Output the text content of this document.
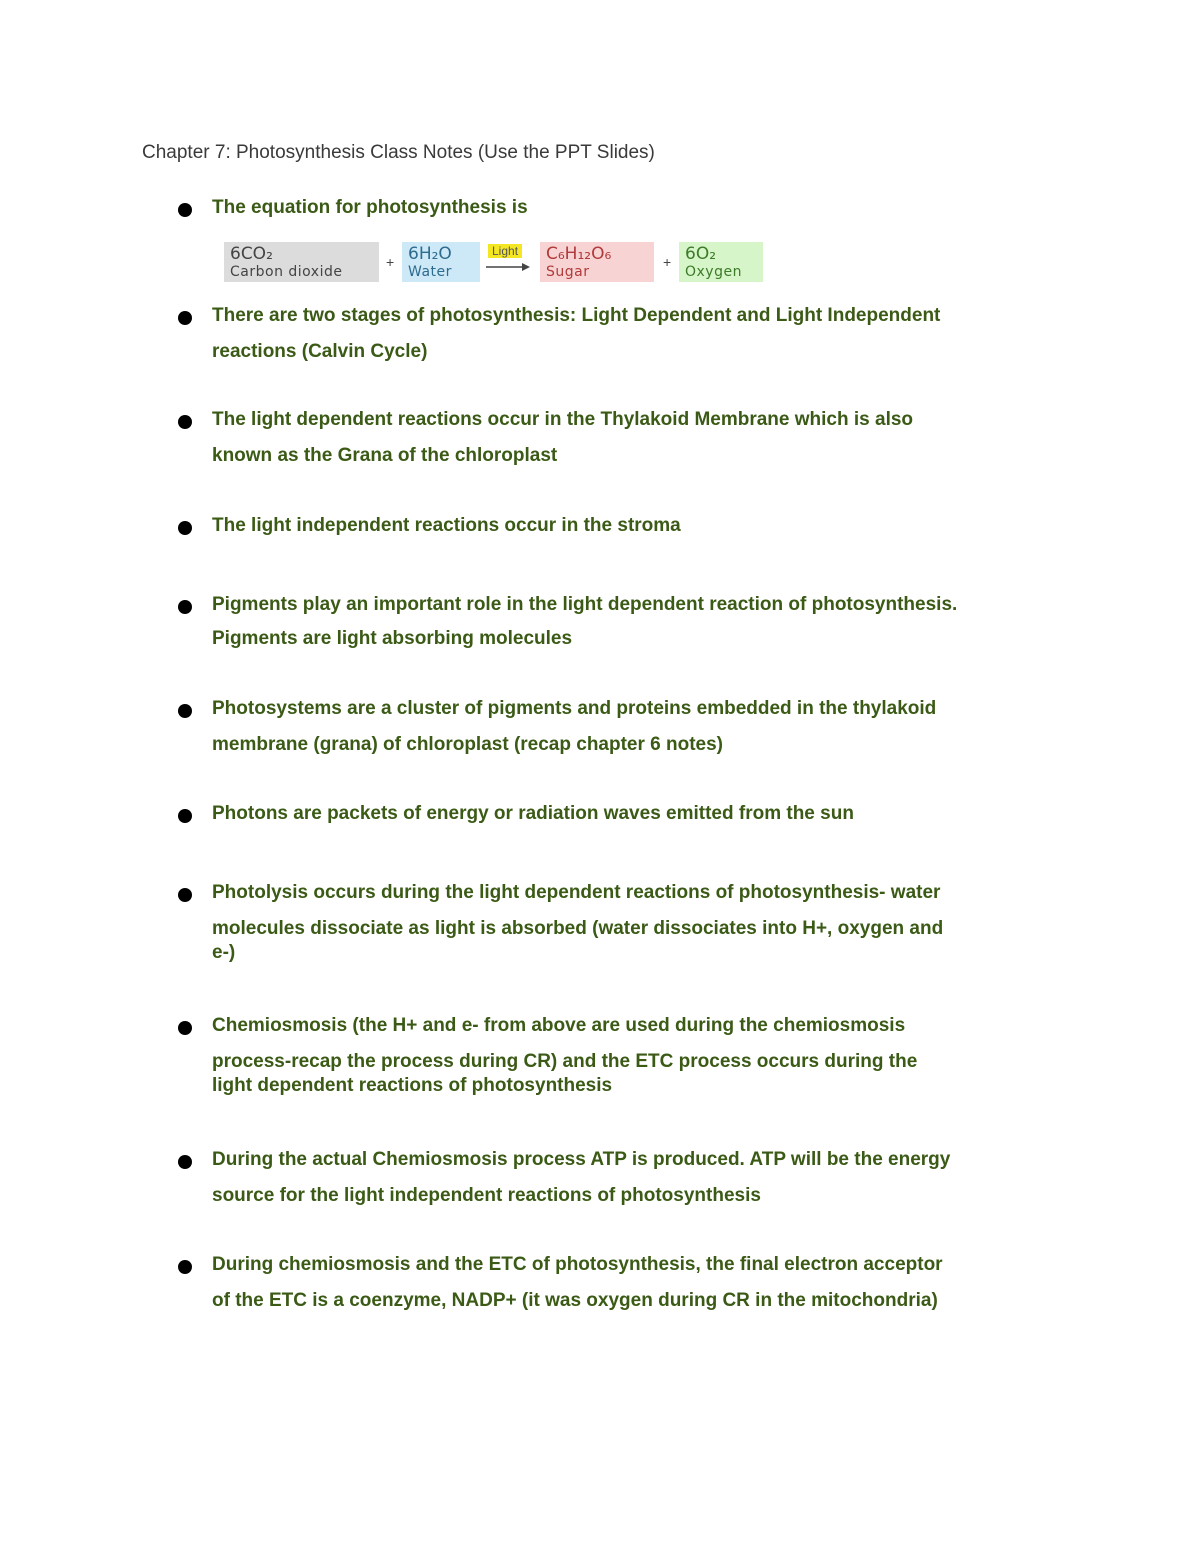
Chapter 7: Photosynthesis Class Notes (Use the PPT Slides)
The equation for photosynthesis is
6CO₂
Carbon dioxide
+ 6H₂O
Water
Light C₆H₁₂O₆
Sugar
+ 6O₂
Oxygen
There are two stages of photosynthesis: Light Dependent and Light Independent
reactions (Calvin Cycle)
The light dependent reactions occur in the Thylakoid Membrane which is also
known as the Grana of the chloroplast
The light independent reactions occur in the stroma
Pigments play an important role in the light dependent reaction of photosynthesis.
Pigments are light absorbing molecules
Photosystems are a cluster of pigments and proteins embedded in the thylakoid
membrane (grana) of chloroplast (recap chapter 6 notes)
Photons are packets of energy or radiation waves emitted from the sun
Photolysis occurs during the light dependent reactions of photosynthesis- water
molecules dissociate as light is absorbed (water dissociates into H+, oxygen and
e-)
Chemiosmosis (the H+ and e- from above are used during the chemiosmosis
process-recap the process during CR) and the ETC process occurs during the
light dependent reactions of photosynthesis
During the actual Chemiosmosis process ATP is produced. ATP will be the energy
source for the light independent reactions of photosynthesis
During chemiosmosis and the ETC of photosynthesis, the final electron acceptor
of the ETC is a coenzyme, NADP+ (it was oxygen during CR in the mitochondria)
